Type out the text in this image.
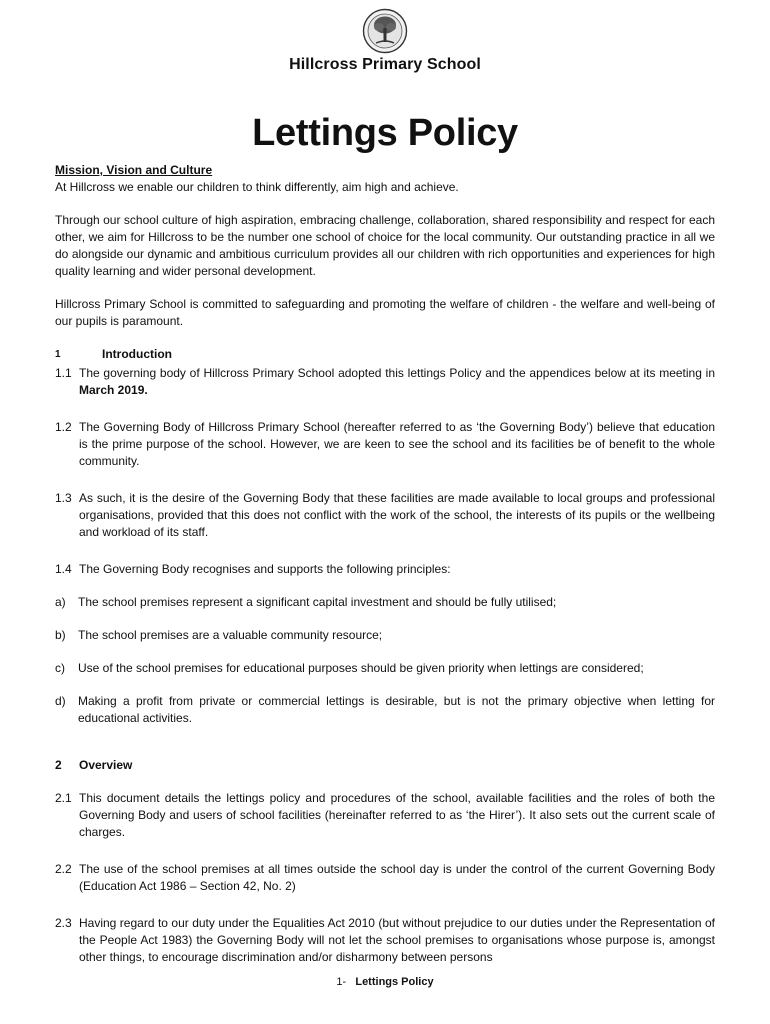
Hillcross Primary School
Lettings Policy

Mission, Vision and Culture

At Hillcross we enable our children to think differently, aim high and achieve.

Through our school culture of high aspiration, embracing challenge, collaboration, shared responsibility and respect for each other, we aim for Hillcross to be the number one school of choice for the local community. Our outstanding practice in all we do alongside our dynamic and ambitious curriculum provides all our children with rich opportunities and experiences for high quality learning and wider personal development.

Hillcross Primary School is committed to safeguarding and promoting the welfare of children - the welfare and well-being of our pupils is paramount.

1	Introduction

1.1 The governing body of Hillcross Primary School adopted this lettings Policy and the appendices below at its meeting in March 2019.

1.2 The Governing Body of Hillcross Primary School (hereafter referred to as ‘the Governing Body’) believe that education is the prime purpose of the school. However, we are keen to see the school and its facilities be of benefit to the whole community.

1.3 As such, it is the desire of the Governing Body that these facilities are made available to local groups and professional organisations, provided that this does not conflict with the work of the school, the interests of its pupils or the wellbeing and workload of its staff.

1.4 The Governing Body recognises and supports the following principles:

a) The school premises represent a significant capital investment and should be fully utilised;

b) The school premises are a valuable community resource;

c) Use of the school premises for educational purposes should be given priority when lettings are considered;

d) Making a profit from private or commercial lettings is desirable, but is not the primary objective when letting for educational activities.

2 Overview

2.1 This document details the lettings policy and procedures of the school, available facilities and the roles of both the Governing Body and users of school facilities (hereinafter referred to as ‘the Hirer’). It also sets out the current scale of charges.

2.2 The use of the school premises at all times outside the school day is under the control of the current Governing Body (Education Act 1986 – Section 42, No. 2)

2.3 Having regard to our duty under the Equalities Act 2010 (but without prejudice to our duties under the Representation of the People Act 1983) the Governing Body will not let the school premises to organisations whose purpose is, amongst other things, to encourage discrimination and/or disharmony between persons

1- Lettings Policy
